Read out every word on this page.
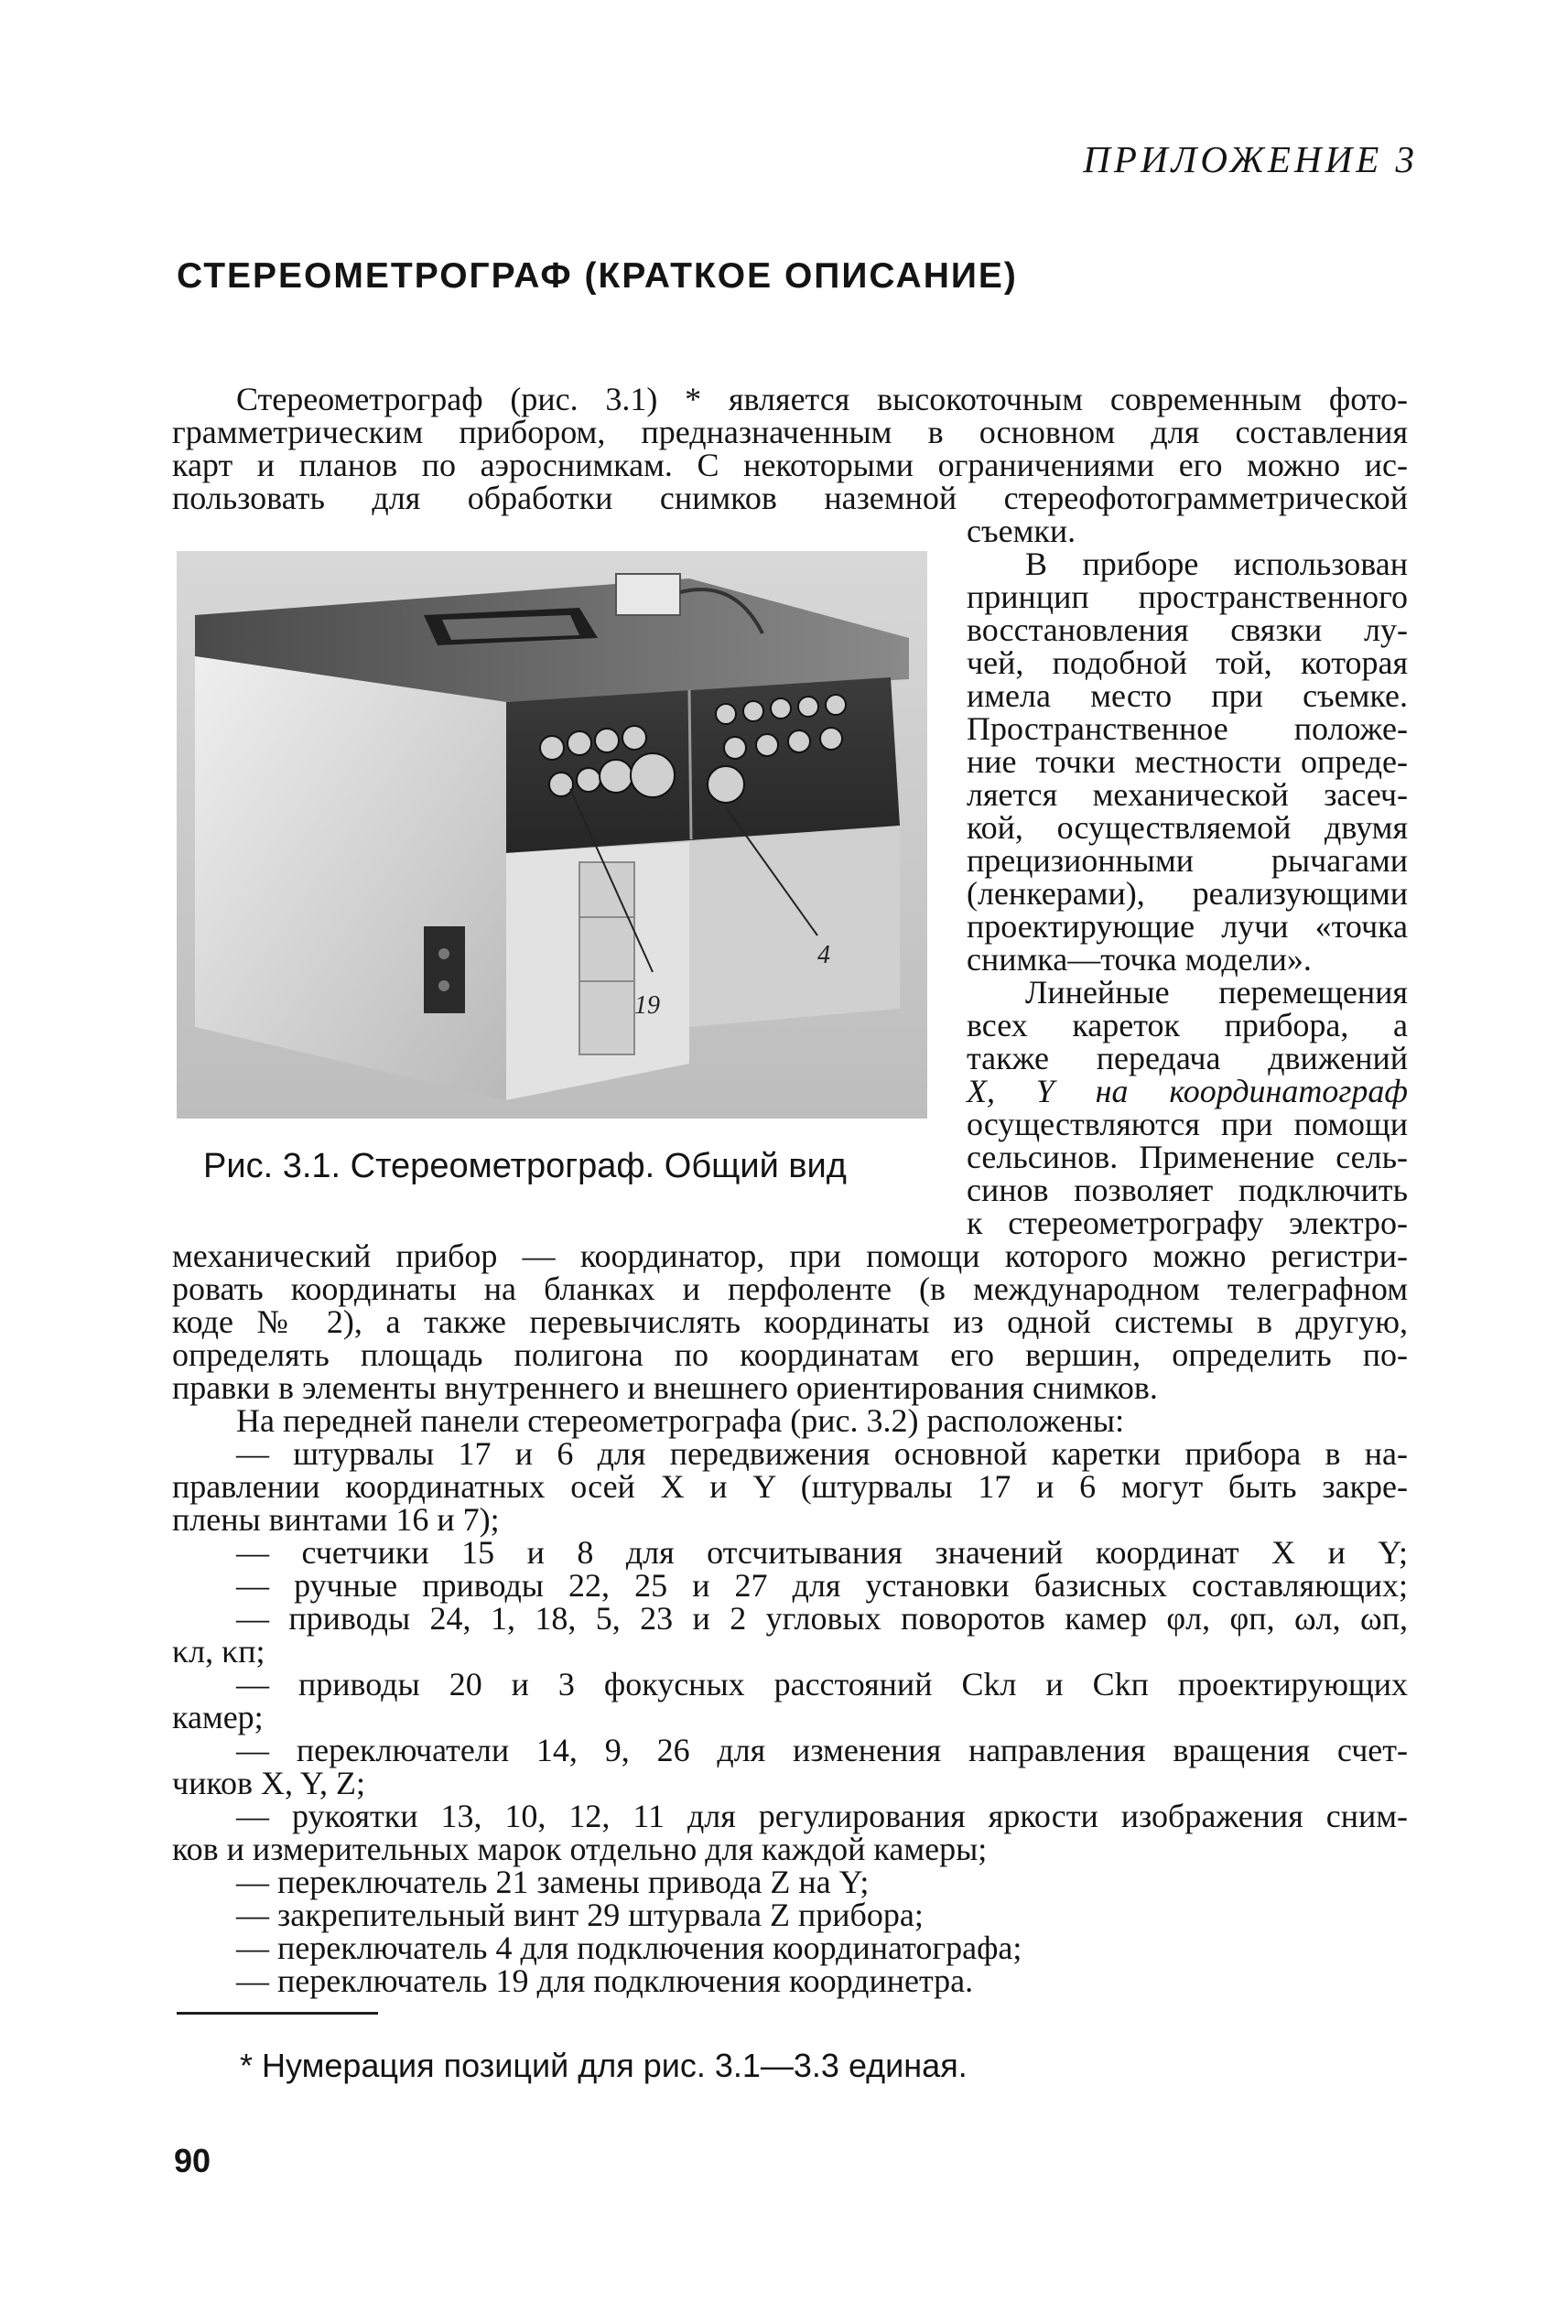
ПРИЛОЖЕНИЕ 3
СТЕРЕОМЕТРОГРАФ (КРАТКОЕ ОПИСАНИЕ)
Стереометрограф (рис. 3.1) * является высокоточным современным фото-
грамметрическим прибором, предназначенным в основном для составления
карт и планов по аэроснимкам. С некоторыми ограничениями его можно ис-
пользовать для обработки снимков наземной стереофотограмметрической
съемки.
В приборе использован
принцип пространственного
восстановления связки лу-
чей, подобной той, которая
имела место при съемке.
Пространственное положе-
ние точки местности опреде-
ляется механической засеч-
кой, осуществляемой двумя
прецизионными рычагами
(ленкерами), реализующими
проектирующие лучи «точка
снимка—точка модели».
Линейные перемещения
всех кареток прибора, а
также передача движений
X, Y на координатограф
осуществляются при помощи
сельсинов. Применение сель-
синов позволяет подключить
к стереометрографу электро-
механический прибор — координатор, при помощи которого можно регистри-
ровать координаты на бланках и перфоленте (в международном телеграфном
коде № 2), а также перевычислять координаты из одной системы в другую,
определять площадь полигона по координатам его вершин, определить по-
правки в элементы внутреннего и внешнего ориентирования снимков.
На передней панели стереометрографа (рис. 3.2) расположены:
— штурвалы 17 и 6 для передвижения основной каретки прибора в на-
правлении координатных осей X и Y (штурвалы 17 и 6 могут быть закре-
плены винтами 16 и 7);
— счетчики 15 и 8 для отсчитывания значений координат X и Y;
— ручные приводы 22, 25 и 27 для установки базисных составляющих;
— приводы 24, 1, 18, 5, 23 и 2 угловых поворотов камер φл, φп, ωл, ωп,
κл, κп;
— приводы 20 и 3 фокусных расстояний Ckл и Ckп проектирующих
камер;
— переключатели 14, 9, 26 для изменения направления вращения счет-
чиков X, Y, Z;
— рукоятки 13, 10, 12, 11 для регулирования яркости изображения сним-
ков и измерительных марок отдельно для каждой камеры;
— переключатель 21 замены привода Z на Y;
— закрепительный винт 29 штурвала Z прибора;
— переключатель 4 для подключения координатографа;
— переключатель 19 для подключения координетра.
19
4
Рис. 3.1. Стереометрограф. Общий вид
* Нумерация позиций для рис. 3.1—3.3 единая.
90
